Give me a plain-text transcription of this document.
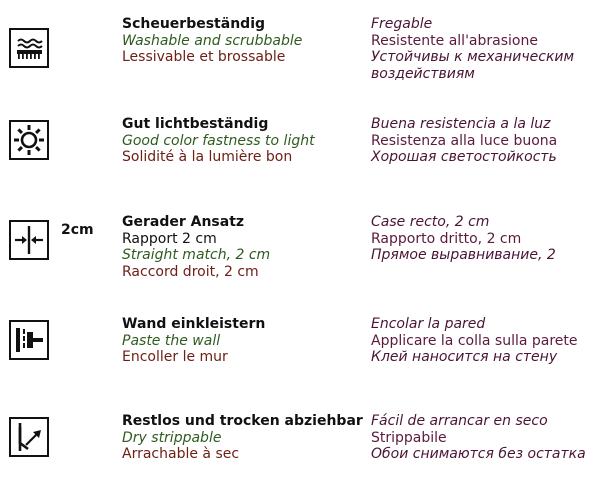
Scheuerbeständig
Washable and scrubbable
Lessivable et brossable
Fregable
Resistente all'abrasione
Устойчивы к механическим
воздействиям
Gut lichtbeständig
Good color fastness to light
Solidité à la lumière bon
Buena resistencia a la luz
Resistenza alla luce buona
Хорошая светостойкость
2cm Gerader Ansatz
Rapport 2 cm
Straight match, 2 cm
Raccord droit, 2 cm
Case recto, 2 cm
Rapporto dritto, 2 cm
Прямое выравнивание, 2
Wand einkleistern
Paste the wall
Encoller le mur
Encolar la pared
Applicare la colla sulla parete
Клей наносится на стену
Restlos und trocken abziehbar
Dry strippable
Arrachable à sec
Fácil de arrancar en seco
Strippabile
Обои снимаются без остатка
